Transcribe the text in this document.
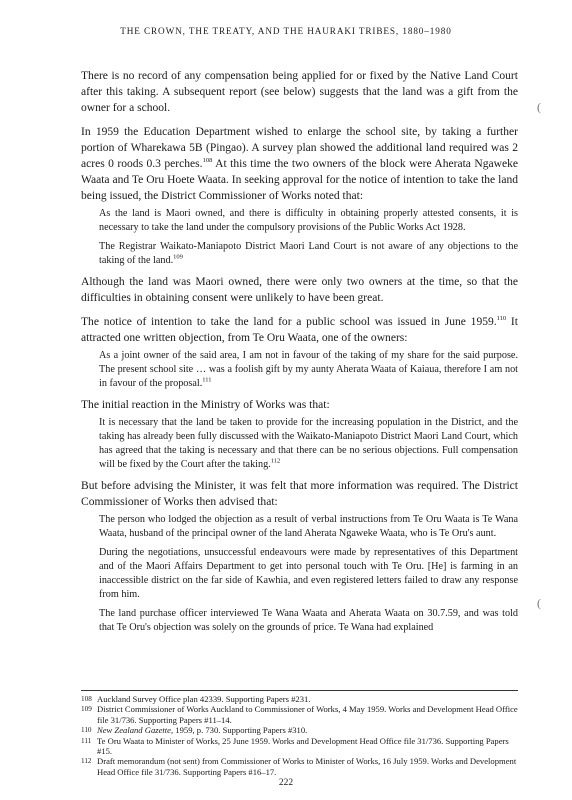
THE CROWN, THE TREATY, AND THE HAURAKI TRIBES, 1880–1980
(
(

There is no record of any compensation being applied for or fixed by the Native Land Court after this taking. A subsequent report (see below) suggests that the land was a gift from the owner for a school.

In 1959 the Education Department wished to enlarge the school site, by taking a further portion of Wharekawa 5B (Pingao). A survey plan showed the additional land required was 2 acres 0 roods 0.3 perches.$^{108}$ At this time the two owners of the block were Aherata Ngaweke Waata and Te Oru Hoete Waata. In seeking approval for the notice of intention to take the land being issued, the District Commissioner of Works noted that:

As the land is Maori owned, and there is difficulty in obtaining properly attested consents, it is necessary to take the land under the compulsory provisions of the Public Works Act 1928.

The Registrar Waikato-Maniapoto District Maori Land Court is not aware of any objections to the taking of the land.$^{109}$

Although the land was Maori owned, there were only two owners at the time, so that the difficulties in obtaining consent were unlikely to have been great.

The notice of intention to take the land for a public school was issued in June 1959.$^{110}$ It attracted one written objection, from Te Oru Waata, one of the owners:

As a joint owner of the said area, I am not in favour of the taking of my share for the said purpose. The present school site … was a foolish gift by my aunty Aherata Waata of Kaiaua, therefore I am not in favour of the proposal.$^{111}$

The initial reaction in the Ministry of Works was that:

It is necessary that the land be taken to provide for the increasing population in the District, and the taking has already been fully discussed with the Waikato-Maniapoto District Maori Land Court, which has agreed that the taking is necessary and that there can be no serious objections. Full compensation will be fixed by the Court after the taking.$^{112}$

But before advising the Minister, it was felt that more information was required. The District Commissioner of Works then advised that:

The person who lodged the objection as a result of verbal instructions from Te Oru Waata is Te Wana Waata, husband of the principal owner of the land Aherata Ngaweke Waata, who is Te Oru's aunt.

During the negotiations, unsuccessful endeavours were made by representatives of this Department and of the Maori Affairs Department to get into personal touch with Te Oru. [He] is farming in an inaccessible district on the far side of Kawhia, and even registered letters failed to draw any response from him.

The land purchase officer interviewed Te Wana Waata and Aherata Waata on 30.7.59, and was told that Te Oru's objection was solely on the grounds of price. Te Wana had explained

108 Auckland Survey Office plan 42339. Supporting Papers #231.
109 District Commissioner of Works Auckland to Commissioner of Works, 4 May 1959. Works and Development Head Office file 31/736. Supporting Papers #11–14.
110 New Zealand Gazette, 1959, p. 730. Supporting Papers #310.
111 Te Oru Waata to Minister of Works, 25 June 1959. Works and Development Head Office file 31/736. Supporting Papers #15.
112 Draft memorandum (not sent) from Commissioner of Works to Minister of Works, 16 July 1959. Works and Development Head Office file 31/736. Supporting Papers #16–17.
222
